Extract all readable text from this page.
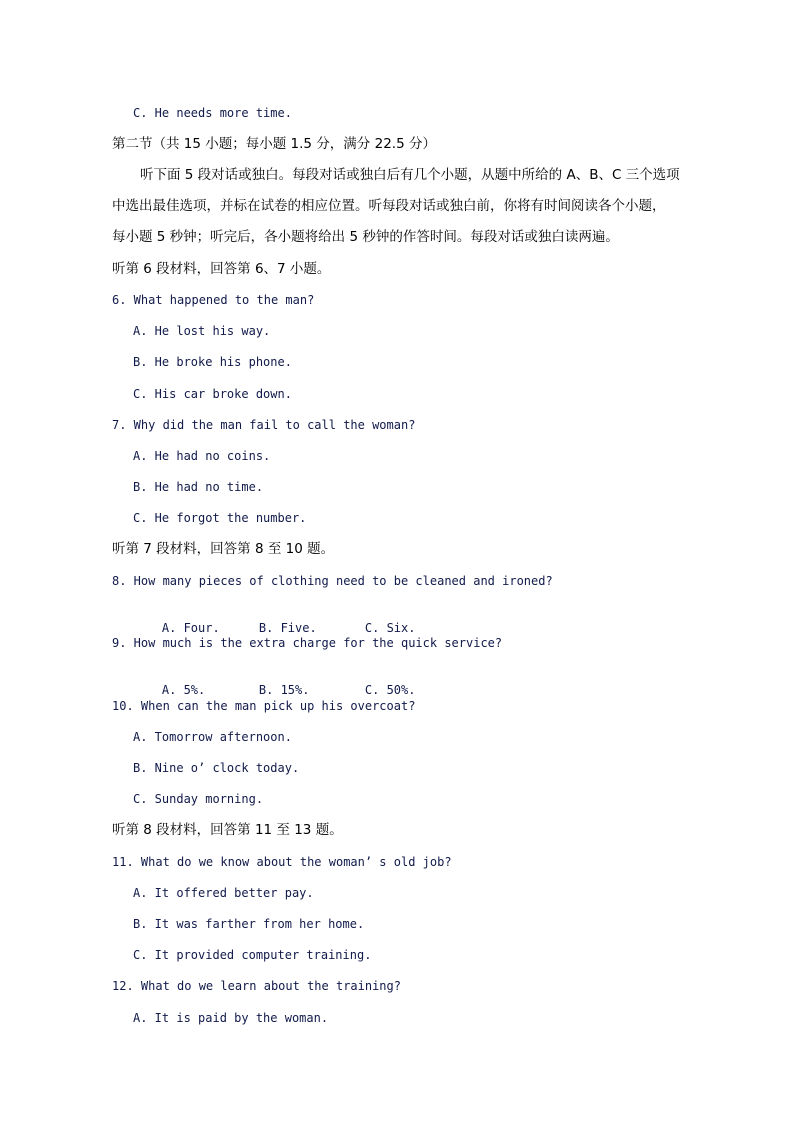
C. He needs more time.
第二节（共 15 小题；每小题 1.5 分，满分 22.5 分）
听下面 5 段对话或独白。每段对话或独白后有几个小题，从题中所给的 A、B、C 三个选项
中选出最佳选项，并标在试卷的相应位置。听每段对话或独白前，你将有时间阅读各个小题，
每小题 5 秒钟；听完后，各小题将给出 5 秒钟的作答时间。每段对话或独白读两遍。
听第 6 段材料，回答第 6、7 小题。
6. What happened to the man?
A. He lost his way.
B. He broke his phone.
C. His car broke down.
7. Why did the man fail to call the woman?
A. He had no coins.
B. He had no time.
C. He forgot the number.
听第 7 段材料，回答第 8 至 10 题。
8. How many pieces of clothing need to be cleaned and ironed?

A. Four.	B. Five.	C. Six.

9. How much is the extra charge for the quick service?

A. 5%.	B. 15%.	C. 50%.

10. When can the man pick up his overcoat?
A. Tomorrow afternoon.
B. Nine o’ clock today.
C. Sunday morning.
听第 8 段材料，回答第 11 至 13 题。
11. What do we know about the woman’ s old job?
A. It offered better pay.
B. It was farther from her home.
C. It provided computer training.
12. What do we learn about the training?
A. It is paid by the woman.
